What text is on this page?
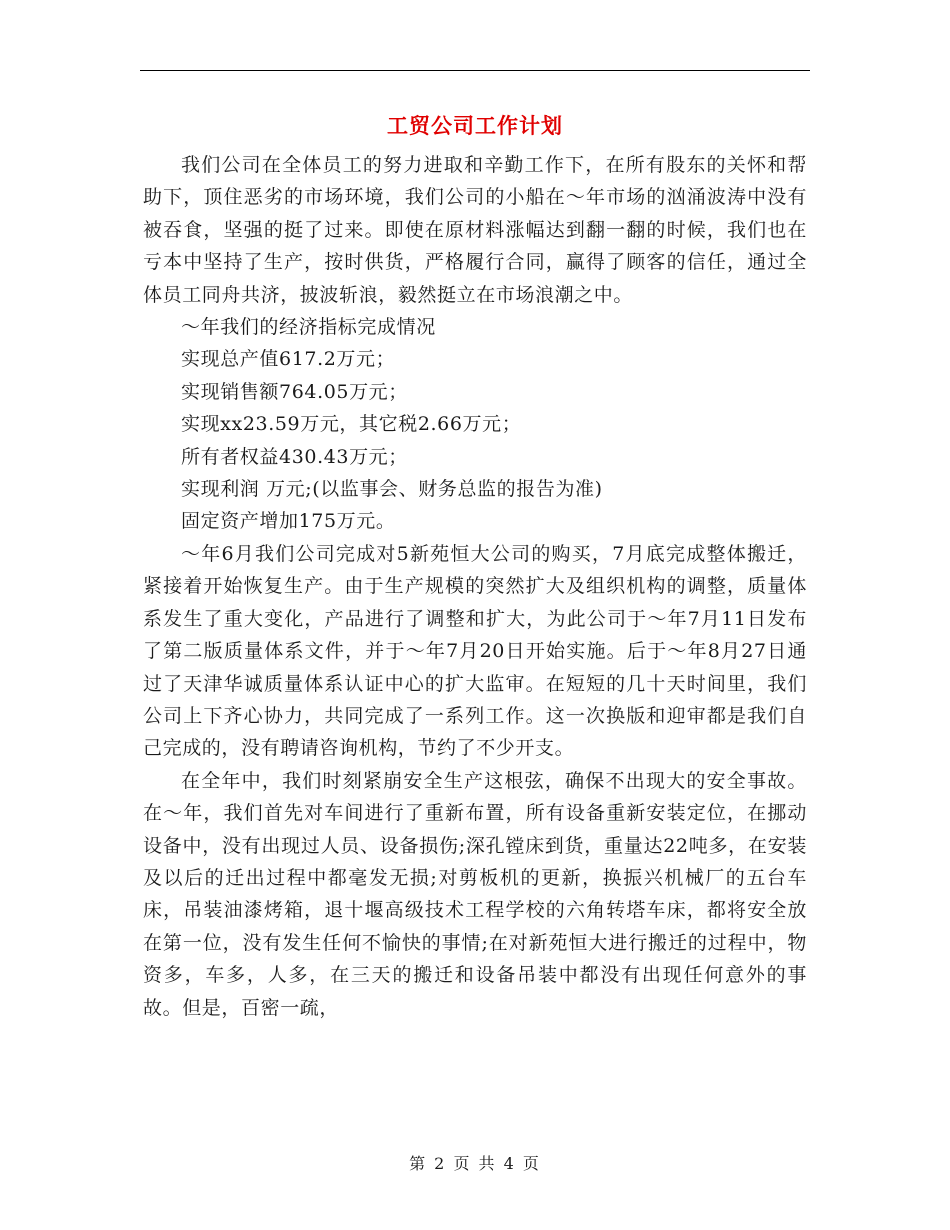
工贸公司工作计划

我们公司在全体员工的努力进取和辛勤工作下，在所有股东的关怀和帮助下，顶住恶劣的市场环境，我们公司的小船在～年市场的汹涌波涛中没有被吞食，坚强的挺了过来。即使在原材料涨幅达到翻一翻的时候，我们也在亏本中坚持了生产，按时供货，严格履行合同，赢得了顾客的信任，通过全体员工同舟共济，披波斩浪，毅然挺立在市场浪潮之中。

～年我们的经济指标完成情况

实现总产值617.2万元；

实现销售额764.05万元；

实现xx23.59万元，其它税2.66万元；

所有者权益430.43万元；

实现利润 万元;(以监事会、财务总监的报告为准)

固定资产增加175万元。

～年6月我们公司完成对5新苑恒大公司的购买，7月底完成整体搬迁，紧接着开始恢复生产。由于生产规模的突然扩大及组织机构的调整，质量体系发生了重大变化，产品进行了调整和扩大，为此公司于～年7月11日发布了第二版质量体系文件，并于～年7月20日开始实施。后于～年8月27日通过了天津华诚质量体系认证中心的扩大监审。在短短的几十天时间里，我们公司上下齐心协力，共同完成了一系列工作。这一次换版和迎审都是我们自己完成的，没有聘请咨询机构，节约了不少开支。

在全年中，我们时刻紧崩安全生产这根弦，确保不出现大的安全事故。在～年，我们首先对车间进行了重新布置，所有设备重新安装定位，在挪动设备中，没有出现过人员、设备损伤;深孔镗床到货，重量达22吨多，在安装及以后的迁出过程中都毫发无损;对剪板机的更新，换振兴机械厂的五台车床，吊装油漆烤箱，退十堰高级技术工程学校的六角转塔车床，都将安全放在第一位，没有发生任何不愉快的事情;在对新苑恒大进行搬迁的过程中，物资多，车多，人多，在三天的搬迁和设备吊装中都没有出现任何意外的事故。但是，百密一疏，

第 2 页 共 4 页
